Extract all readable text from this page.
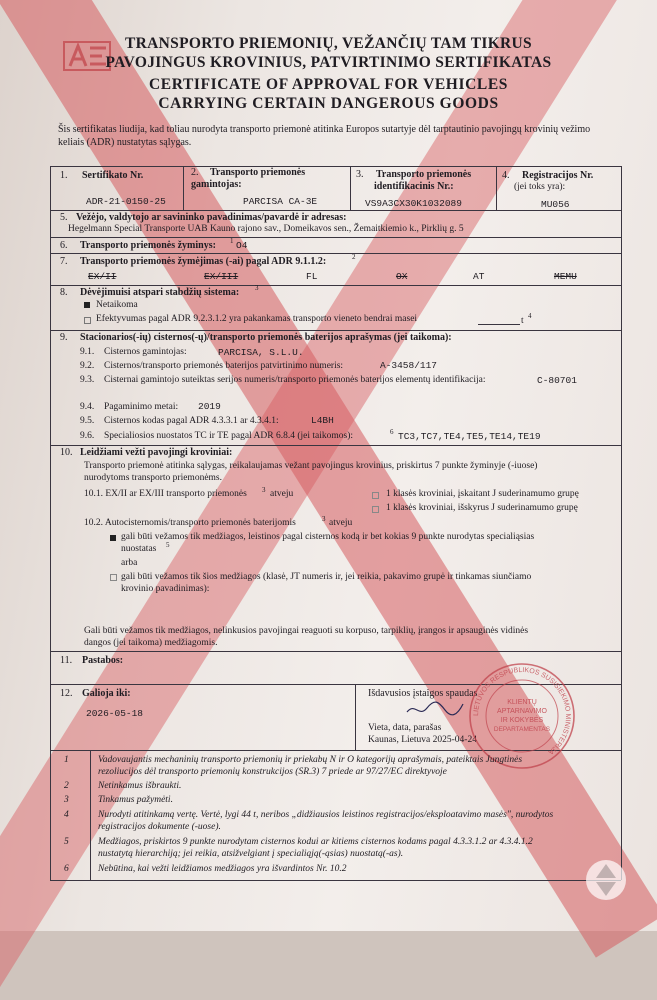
TRANSPORTO PRIEMONIŲ, VEŽANČIŲ TAM TIKRUS
PAVOJINGUS KROVINIUS, PATVIRTINIMO SERTIFIKATAS
CERTIFICATE OF APPROVAL FOR VEHICLES
CARRYING CERTAIN DANGEROUS GOODS
Šis sertifikatas liudija, kad toliau nurodyta transporto priemonė atitinka Europos sutartyje dėl tarptautinio pavojingų krovinių vežimo keliais (ADR) nustatytas sąlygas.
1. Sertifikato Nr.
ADR-21-0150-25
2. Transporto priemonės
gamintojas:
PARCISA CA-3E
3. Transporto priemonės
identifikacinis Nr.:
VS9A3CX30K1032089
4. Registracijos Nr.
(jei toks yra):
MU056
5. Vežėjo, valdytojo ar savininko pavadinimas/pavardė ir adresas:
Hegelmann Special Transporte UAB Kauno rajono sav., Domeikavos sen., Žemaitkiemio k., Pirklių g. 5
6. Transporto priemonės žyminys: 1 O4
7. Transporto priemonės žymėjimas (-ai) pagal ADR 9.1.1.2:	2
EX/II	EX/III	FL	OX	AT	MEMU
8. Dėvėjimuisi atspari stabdžių sistema: 3
Netaikoma
Efektyvumas pagal ADR 9.2.3.1.2 yra pakankamas transporto vieneto bendrai masei	t 4
9. Stacionarios(-ių) cisternos(-ų)/transporto priemonės baterijos aprašymas (jei taikoma):
9.1. Cisternos gamintojas:	PARCISA, S.L.U.
9.2. Cisternos/transporto priemonės baterijos patvirtinimo numeris:	A-3458/117
9.3. Cisternai gamintojo suteiktas serijos numeris/transporto priemonės baterijos elementų identifikacija:	C-80701
9.4. Pagaminimo metai: 2019
9.5. Cisternos kodas pagal ADR 4.3.3.1 ar 4.3.4.1:	L4BH
9.6. Specialiosios nuostatos TC ir TE pagal ADR 6.8.4 (jei taikomos):	6 TC3,TC7,TE4,TE5,TE14,TE19
10. Leidžiami vežti pavojingi kroviniai:
Transporto priemonė atitinka sąlygas, reikalaujamas vežant pavojingus krovinius, priskirtus 7 punkte žyminyje (-iuose)
nurodytoms transporto priemonėms.
10.1. EX/II ar EX/III transporto priemonės 3 atveju	1 klasės kroviniai, įskaitant J suderinamumo grupę
1 klasės kroviniai, išskyrus J suderinamumo grupę
10.2. Autocisternomis/transporto priemonės baterijomis	3 atveju
gali būti vežamos tik medžiagos, leistinos pagal cisternos kodą ir bet kokias 9 punkte nurodytas specialiąsias
nuostatas 5
arba
gali būti vežamos tik šios medžiagos (klasė, JT numeris ir, jei reikia, pakavimo grupė ir tinkamas siunčiamo
krovinio pavadinimas):
Gali būti vežamos tik medžiagos, nelinkusios pavojingai reaguoti su korpuso, tarpiklių, įrangos ir apsauginės vidinės
dangos (jei taikoma) medžiagomis.
11. Pastabos:
12. Galioja iki:
2026-05-18
Išdavusios įstaigos spaudas
Vieta, data, parašas
Kaunas, Lietuva 2025-04-24
LIETUVOS RESPUBLIKOS SUSISIEKIMO MINISTERIJA
KLIENTŲ
APTARNAVIMO
IR KOKYBĖS
DEPARTAMENTAS
1	Vadovaujantis mechaninių transporto priemonių ir priekabų N ir O kategorijų aprašymais, pateiktais Jungtinės
rezoliucijos dėl transporto priemonių konstrukcijos (SR.3) 7 priede ar 97/27/EC direktyvoje
2	Netinkamus išbraukti.
3	Tinkamus pažymėti.
4	Nurodyti atitinkamą vertę. Vertė, lygi 44 t, neribos „didžiausios leistinos registracijos/eksploatavimo masės", nurodytos
registracijos dokumente (-uose).
5	Medžiagos, priskirtos 9 punkte nurodytam cisternos kodui ar kitiems cisternos kodams pagal 4.3.3.1.2 ar 4.3.4.1.2
nustatytą hierarchiją; jei reikia, atsižvelgiant į specialiąją(-ąsias) nuostatą(-as).
6	Nebūtina, kai vežti leidžiamos medžiagos yra išvardintos Nr. 10.2
